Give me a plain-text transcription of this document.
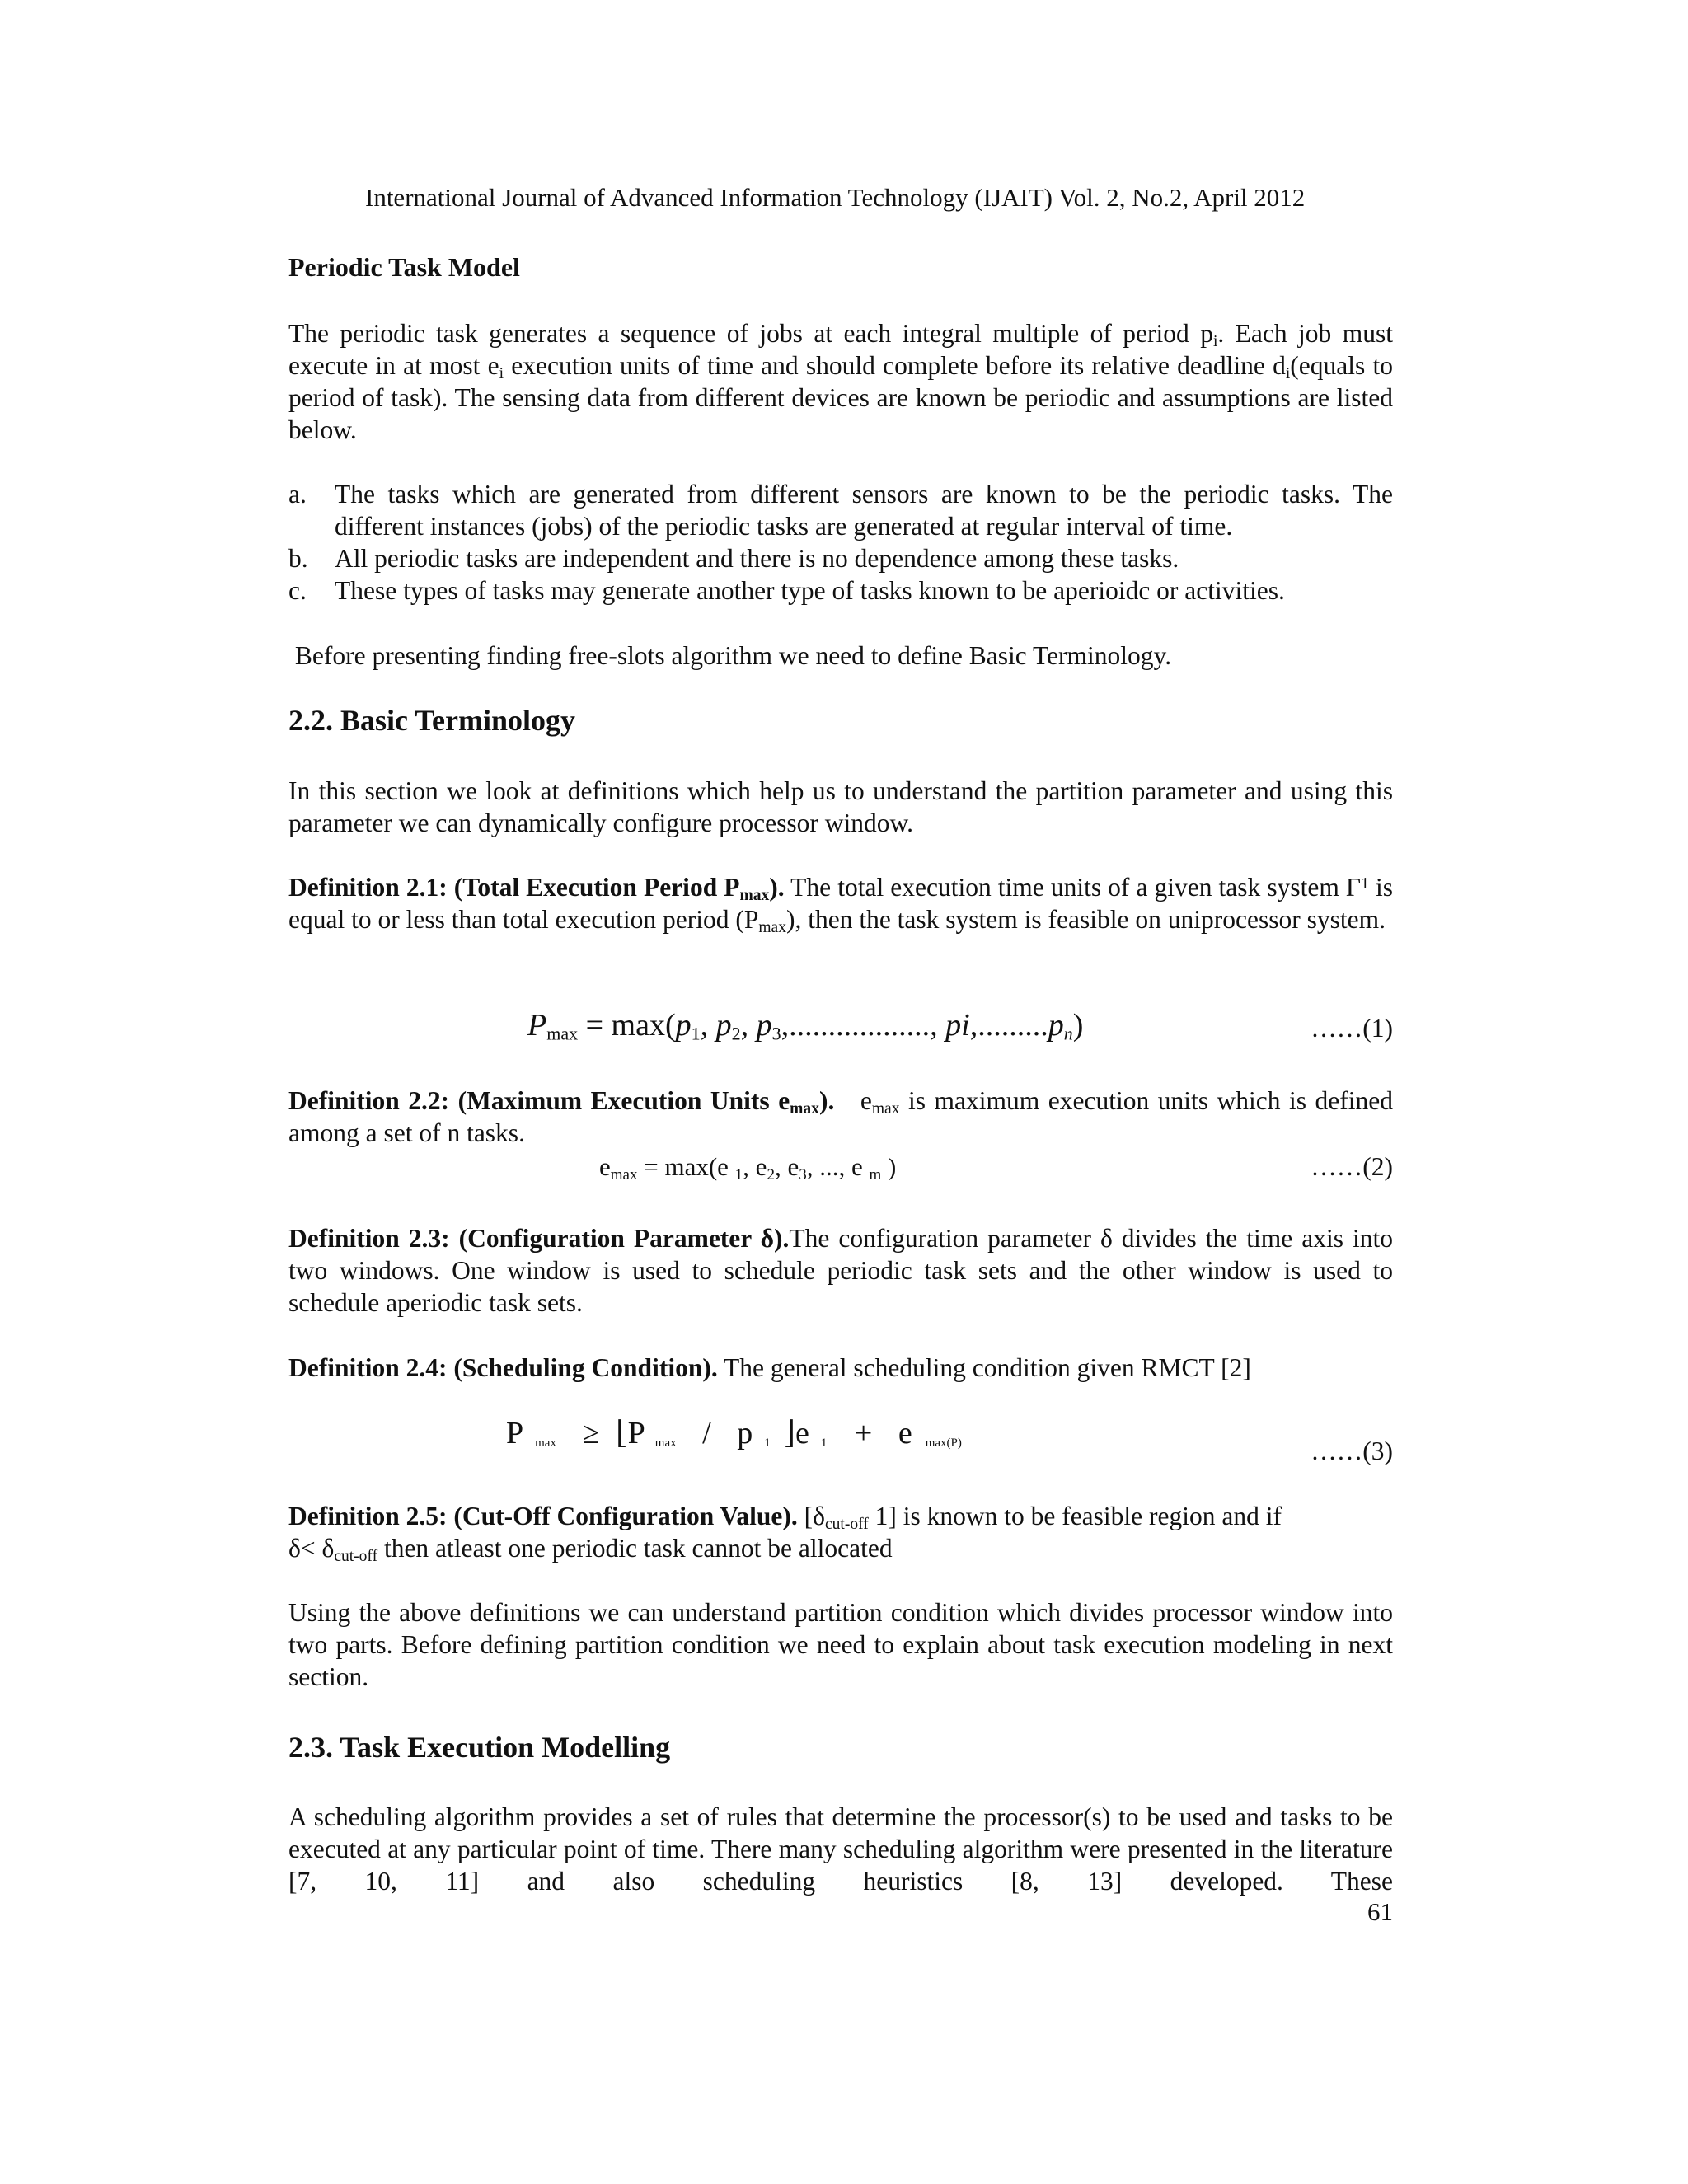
International Journal of Advanced Information Technology (IJAIT) Vol. 2, No.2, April 2012
Periodic Task Model
The periodic task generates a sequence of jobs at each integral multiple of period $p_i$. Each job must execute in at most $e_i$ execution units of time and should complete before its relative deadline $d_i(equals$ to period of task). The sensing data from different devices are known be periodic and assumptions are listed below.
a. The tasks which are generated from different sensors are known to be the periodic tasks. The different instances (jobs) of the periodic tasks are generated at regular interval of time.
b. All periodic tasks are independent and there is no dependence among these tasks.
c. These types of tasks may generate another type of tasks known to be aperioidc or activities.
Before presenting finding free-slots algorithm we need to define Basic Terminology.
2.2. Basic Terminology
In this section we look at definitions which help us to understand the partition parameter and using this parameter we can dynamically configure processor window.
Definition 2.1: (Total Execution Period $P_{max}$). The total execution time units of a given task system $\Gamma^1$ is equal to or less than total execution period $(P_{max})$, then the task system is feasible on uniprocessor system.
$P_{max} = \max(p_1$, $p_2$, $p_3$,.................., $pi,.........p_n$)	……(1)
Definition 2.2: (Maximum Execution Units $e_{max}$).   $e_{max}$ is maximum execution units which is defined among a set of n tasks.
$e_{max} = \max(e$ $_1$, $e_2$, $e_3$, ..., e $_m$ )	……(2)
Definition 2.3: (Configuration Parameter δ).The configuration parameter δ divides the time axis into two windows. One window is used to schedule periodic task sets and the other window is used to schedule aperiodic task sets.
Definition 2.4: (Scheduling Condition). The general scheduling condition given RMCT [2]
P $_{max}$ ≥ ⌊P $_{max}$ / p $_1$ ⌋e $_1$ + e $_{max(P)}$	……(3)
Definition 2.5: (Cut-Off Configuration Value). [$\delta_{cut-off}$ 1] is known to be feasible region and if
$\delta< \delta_{cut-off}$ then atleast one periodic task cannot be allocated
Using the above definitions we can understand partition condition which divides processor window into two parts. Before defining partition condition we need to explain about task execution modeling in next section.
2.3. Task Execution Modelling
A scheduling algorithm provides a set of rules that determine the processor(s) to be used and tasks to be executed at any particular point of time. There many scheduling algorithm were presented in the literature [7, 10, 11] and also scheduling heuristics [8, 13] developed. These
61
